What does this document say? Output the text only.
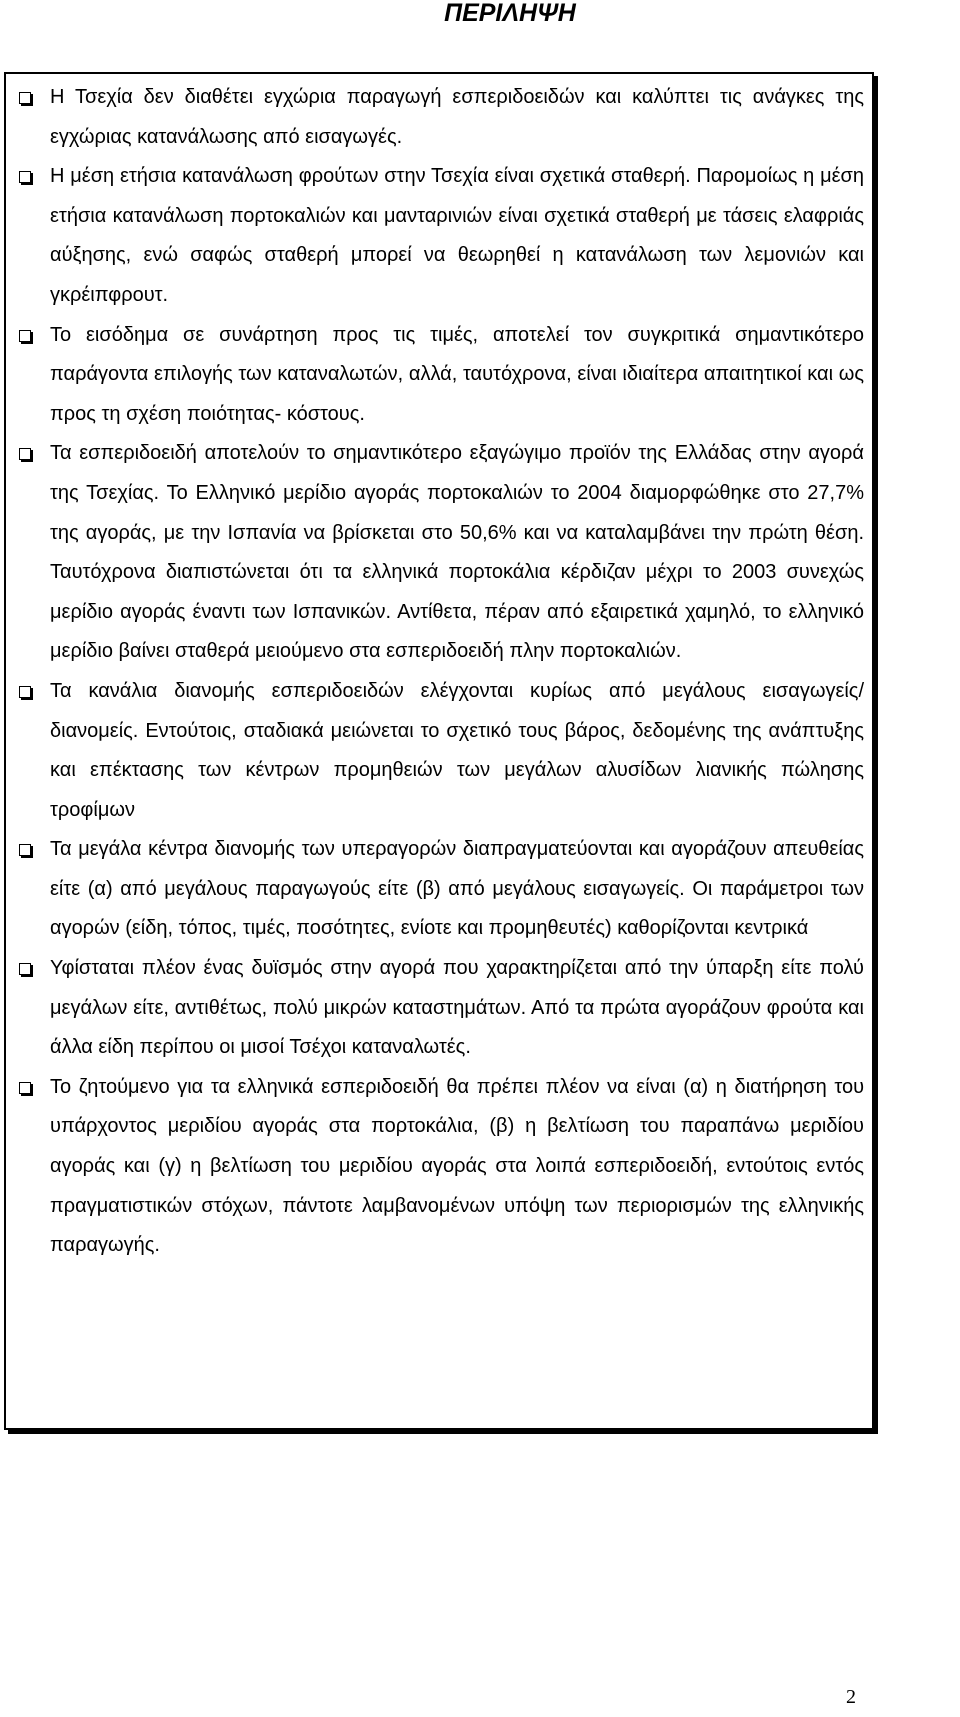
ΠΕΡΙΛΗΨΗ
Η Τσεχία δεν διαθέτει εγχώρια παραγωγή εσπεριδοειδών και καλύπτει τις ανάγκες της εγχώριας κατανάλωσης από εισαγωγές.
Η μέση ετήσια κατανάλωση φρούτων στην Τσεχία είναι σχετικά σταθερή. Παρομοίως η μέση ετήσια κατανάλωση πορτοκαλιών και μανταρινιών είναι σχετικά σταθερή με τάσεις ελαφριάς αύξησης, ενώ σαφώς σταθερή μπορεί να θεωρηθεί η κατανάλωση των λεμονιών και γκρέιπφρουτ.
Το εισόδημα σε συνάρτηση προς τις τιμές, αποτελεί τον συγκριτικά σημαντικότερο παράγοντα επιλογής των καταναλωτών, αλλά, ταυτόχρονα, είναι ιδιαίτερα απαιτητικοί και ως προς τη σχέση ποιότητας- κόστους.
Τα εσπεριδοειδή αποτελούν το σημαντικότερο εξαγώγιμο προϊόν της Ελλάδας στην αγορά της Τσεχίας. Το Ελληνικό μερίδιο αγοράς πορτοκαλιών το 2004 διαμορφώθηκε στο 27,7% της αγοράς, με την Ισπανία να βρίσκεται στο 50,6% και να καταλαμβάνει την πρώτη θέση. Ταυτόχρονα διαπιστώνεται ότι τα ελληνικά πορτοκάλια κέρδιζαν μέχρι το 2003 συνεχώς μερίδιο αγοράς έναντι των Ισπανικών. Αντίθετα, πέραν από εξαιρετικά χαμηλό, το ελληνικό μερίδιο βαίνει σταθερά μειούμενο στα εσπεριδοειδή πλην πορτοκαλιών.
Τα κανάλια διανομής εσπεριδοειδών ελέγχονται κυρίως από μεγάλους εισαγωγείς/ διανομείς. Εντούτοις, σταδιακά μειώνεται το σχετικό τους βάρος, δεδομένης της ανάπτυξης και επέκτασης των κέντρων προμηθειών των μεγάλων αλυσίδων λιανικής πώλησης τροφίμων
Τα μεγάλα κέντρα διανομής των υπεραγορών διαπραγματεύονται και αγοράζουν απευθείας είτε (α) από μεγάλους παραγωγούς είτε (β) από μεγάλους εισαγωγείς. Οι παράμετροι των αγορών (είδη, τόπος, τιμές, ποσότητες, ενίοτε και προμηθευτές) καθορίζονται κεντρικά
Υφίσταται πλέον ένας δυϊσμός στην αγορά που χαρακτηρίζεται από την ύπαρξη είτε πολύ μεγάλων είτε, αντιθέτως, πολύ μικρών καταστημάτων. Από τα πρώτα αγοράζουν φρούτα και άλλα είδη περίπου οι μισοί Τσέχοι καταναλωτές.
Το ζητούμενο για τα ελληνικά εσπεριδοειδή θα πρέπει πλέον να είναι (α) η διατήρηση του υπάρχοντος μεριδίου αγοράς στα πορτοκάλια, (β) η βελτίωση του παραπάνω μεριδίου αγοράς και (γ) η βελτίωση του μεριδίου αγοράς στα λοιπά εσπεριδοειδή, εντούτοις εντός πραγματιστικών στόχων, πάντοτε λαμβανομένων υπόψη των περιορισμών της ελληνικής παραγωγής.
2
